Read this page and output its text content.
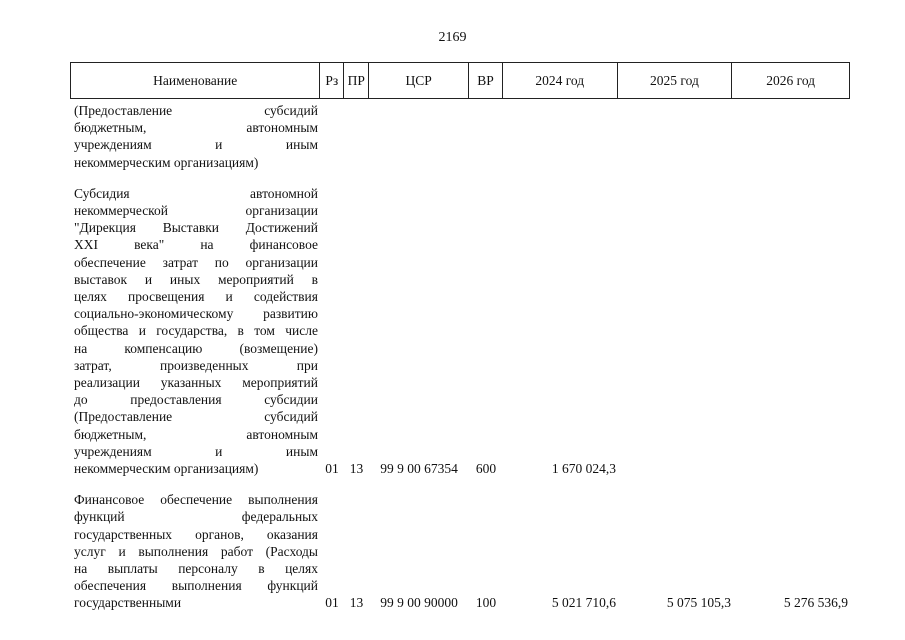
2169
Наименование	Рз ПР	ЦСР	ВР	2024 год	2025 год	2026 год
(Предоставление субсидий
бюджетным, автономным
учреждениям и иным
некоммерческим организациям)
Субсидия автономной
некоммерческой организации
"Дирекция Выставки Достижений
XXI века" на финансовое
обеспечение затрат по организации
выставок и иных мероприятий в
целях просвещения и содействия
социально-экономическому развитию
общества и государства, в том числе
на компенсацию (возмещение)
затрат, произведенных при
реализации указанных мероприятий
до предоставления субсидии
(Предоставление субсидий
бюджетным, автономным
учреждениям и иным
некоммерческим организациям)	01 13	99 9 00 67354	600	1 670 024,3
Финансовое обеспечение выполнения
функций федеральных
государственных органов, оказания
услуг и выполнения работ (Расходы
на выплаты персоналу в целях
обеспечения выполнения функций
государственными	01 13	99 9 00 90000	100	5 021 710,6	5 075 105,3	5 276 536,9
